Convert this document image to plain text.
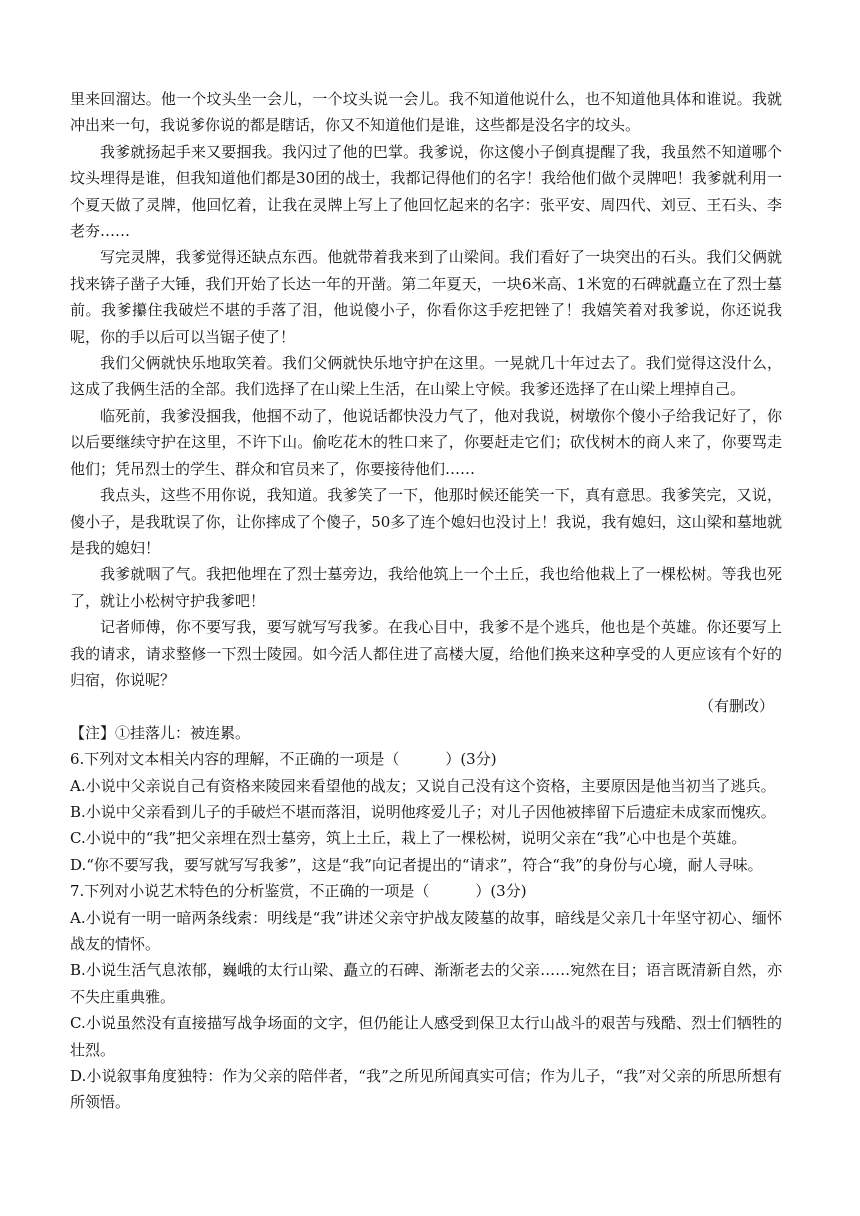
里来回溜达。他一个坟头坐一会儿，一个坟头说一会儿。我不知道他说什么，也不知道他具体和谁说。我就冲出来一句，我说爹你说的都是瞎话，你又不知道他们是谁，这些都是没名字的坟头。

我爹就扬起手来又要掴我。我闪过了他的巴掌。我爹说，你这傻小子倒真提醒了我，我虽然不知道哪个坟头埋得是谁，但我知道他们都是30团的战士，我都记得他们的名字！我给他们做个灵牌吧！我爹就利用一个夏天做了灵牌，他回忆着，让我在灵牌上写上了他回忆起来的名字：张平安、周四代、刘豆、王石头、李老夯……

写完灵牌，我爹觉得还缺点东西。他就带着我来到了山梁间。我们看好了一块突出的石头。我们父俩就找来锛子凿子大锤，我们开始了长达一年的开凿。第二年夏天，一块6米高、1米宽的石碑就矗立在了烈士墓前。我爹攥住我破烂不堪的手落了泪，他说傻小子，你看你这手疙把锉了！我嬉笑着对我爹说，你还说我呢，你的手以后可以当锯子使了！

我们父俩就快乐地取笑着。我们父俩就快乐地守护在这里。一晃就几十年过去了。我们觉得这没什么，这成了我俩生活的全部。我们选择了在山梁上生活，在山梁上守候。我爹还选择了在山梁上埋掉自己。

临死前，我爹没掴我，他掴不动了，他说话都快没力气了，他对我说，树墩你个傻小子给我记好了，你以后要继续守护在这里，不许下山。偷吃花木的牲口来了，你要赶走它们；砍伐树木的商人来了，你要骂走他们；凭吊烈士的学生、群众和官员来了，你要接待他们……

我点头，这些不用你说，我知道。我爹笑了一下，他那时候还能笑一下，真有意思。我爹笑完，又说，傻小子，是我耽误了你，让你摔成了个傻子，50多了连个媳妇也没讨上！我说，我有媳妇，这山梁和墓地就是我的媳妇！

我爹就咽了气。我把他埋在了烈士墓旁边，我给他筑上一个土丘，我也给他栽上了一棵松树。等我也死了，就让小松树守护我爹吧！

记者师傅，你不要写我，要写就写写我爹。在我心目中，我爹不是个逃兵，他也是个英雄。你还要写上我的请求，请求整修一下烈士陵园。如今活人都住进了高楼大厦，给他们换来这种享受的人更应该有个好的归宿，你说呢？

（有删改）

【注】①挂落儿：被连累。

6.下列对文本相关内容的理解，不正确的一项是（	）(3分)

A.小说中父亲说自己有资格来陵园来看望他的战友；又说自己没有这个资格，主要原因是他当初当了逃兵。

B.小说中父亲看到儿子的手破烂不堪而落泪，说明他疼爱儿子；对儿子因他被摔留下后遗症未成家而愧疚。

C.小说中的“我”把父亲埋在烈士墓旁，筑上土丘，栽上了一棵松树，说明父亲在“我”心中也是个英雄。

D.“你不要写我，要写就写写我爹”，这是“我”向记者提出的“请求”，符合“我”的身份与心境，耐人寻味。

7.下列对小说艺术特色的分析鉴赏，不正确的一项是（	）(3分)

A.小说有一明一暗两条线索：明线是“我”讲述父亲守护战友陵墓的故事，暗线是父亲几十年坚守初心、缅怀战友的情怀。

B.小说生活气息浓郁，巍峨的太行山梁、矗立的石碑、渐渐老去的父亲……宛然在目；语言既清新自然，亦不失庄重典雅。

C.小说虽然没有直接描写战争场面的文字，但仍能让人感受到保卫太行山战斗的艰苦与残酷、烈士们牺牲的壮烈。

D.小说叙事角度独特：作为父亲的陪伴者，“我”之所见所闻真实可信；作为儿子，“我”对父亲的所思所想有所领悟。
